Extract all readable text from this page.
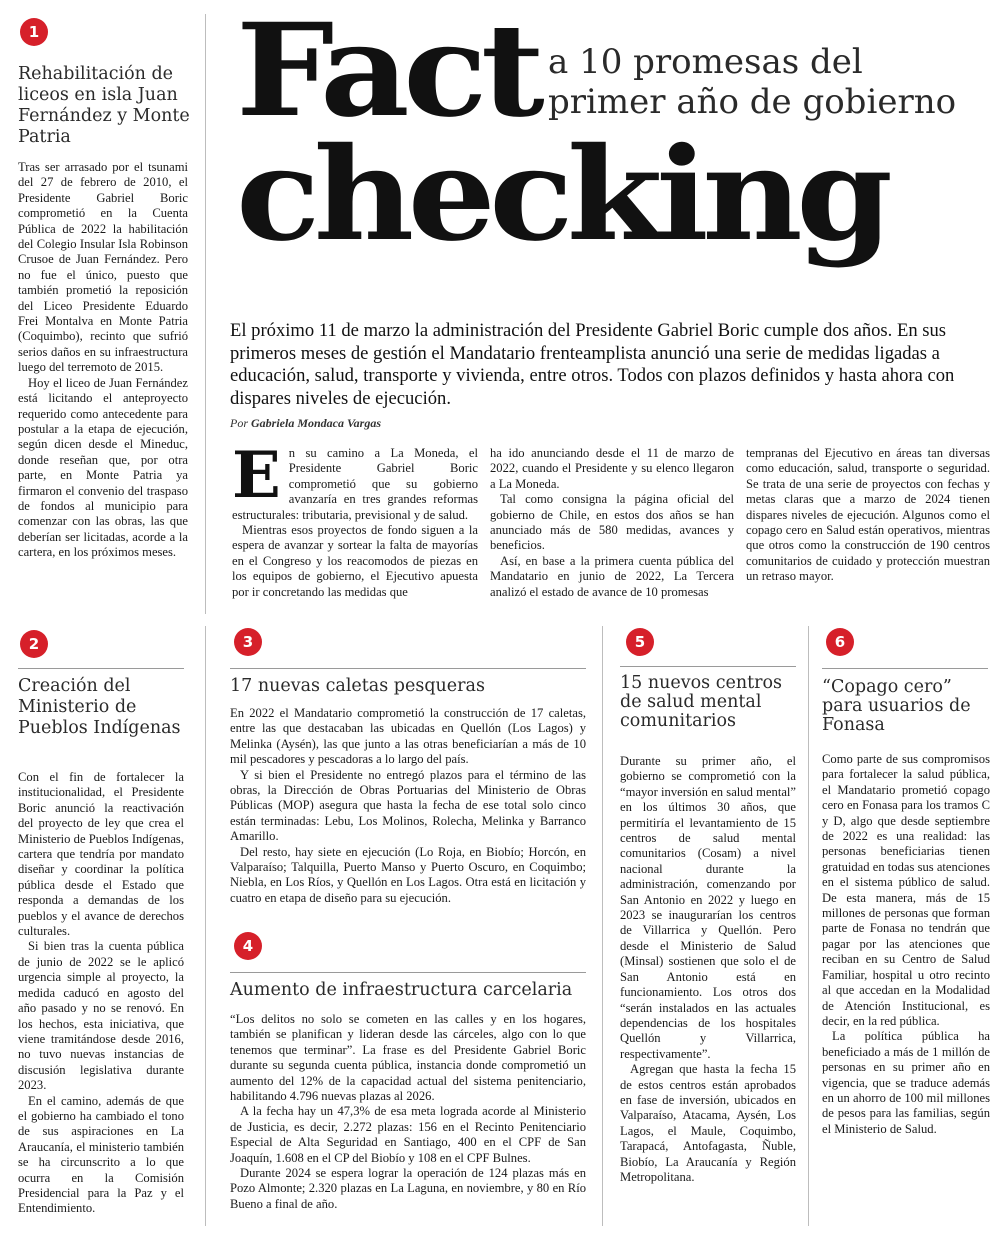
Fact
checking
a 10 promesas del
primer año de gobierno
El próximo 11 de marzo la administración del Presidente Gabriel Boric cumple dos años. En sus primeros meses de gestión el Mandatario frenteamplista anunció una serie de medidas ligadas a educación, salud, transporte y vivienda, entre otros. Todos con plazos definidos y hasta ahora con dispares niveles de ejecución.
Por Gabriela Mondaca Vargas
1
Rehabilitación de liceos en isla Juan Fernández y Monte Patria

Tras ser arrasado por el tsunami del 27 de febrero de 2010, el Presidente Gabriel Boric comprometió en la Cuenta Pública de 2022 la habilitación del Colegio Insular Isla Robinson Crusoe de Juan Fernández. Pero no fue el único, puesto que también prometió la reposición del Liceo Presidente Eduardo Frei Montalva en Monte Patria (Coquimbo), recinto que sufrió serios daños en su infraestructura luego del terremoto de 2015.

Hoy el liceo de Juan Fernández está licitando el anteproyecto requerido como antecedente para postular a la etapa de ejecución, según dicen desde el Mineduc, donde reseñan que, por otra parte, en Monte Patria ya firmaron el convenio del traspaso de fondos al municipio para comenzar con las obras, las que deberían ser licitadas, acorde a la cartera, en los próximos meses.

En su camino a La Moneda, el Presidente Gabriel Boric comprometió que su gobierno avanzaría en tres grandes reformas estructurales: tributaria, previsional y de salud.

Mientras esos proyectos de fondo siguen a la espera de avanzar y sortear la falta de mayorías en el Congreso y los reacomodos de piezas en los equipos de gobierno, el Ejecutivo apuesta por ir concretando las medidas que

ha ido anunciando desde el 11 de marzo de 2022, cuando el Presidente y su elenco llegaron a La Moneda.

Tal como consigna la página oficial del gobierno de Chile, en estos dos años se han anunciado más de 580 medidas, avances y beneficios.

Así, en base a la primera cuenta pública del Mandatario en junio de 2022, La Tercera analizó el estado de avance de 10 promesas

tempranas del Ejecutivo en áreas tan diversas como educación, salud, transporte o seguridad. Se trata de una serie de proyectos con fechas y metas claras que a marzo de 2024 tienen dispares niveles de ejecución. Algunos como el copago cero en Salud están operativos, mientras que otros como la construcción de 190 centros comunitarios de cuidado y protección muestran un retraso mayor.

2
Creación del Ministerio de Pueblos Indígenas

Con el fin de fortalecer la institucionalidad, el Presidente Boric anunció la reactivación del proyecto de ley que crea el Ministerio de Pueblos Indígenas, cartera que tendría por mandato diseñar y coordinar la política pública desde el Estado que responda a demandas de los pueblos y el avance de derechos culturales.

Si bien tras la cuenta pública de junio de 2022 se le aplicó urgencia simple al proyecto, la medida caducó en agosto del año pasado y no se renovó. En los hechos, esta iniciativa, que viene tramitándose desde 2016, no tuvo nuevas instancias de discusión legislativa durante 2023.

En el camino, además de que el gobierno ha cambiado el tono de sus aspiraciones en La Araucanía, el ministerio también se ha circunscrito a lo que ocurra en la Comisión Presidencial para la Paz y el Entendimiento.

3
17 nuevas caletas pesqueras

En 2022 el Mandatario comprometió la construcción de 17 caletas, entre las que destacaban las ubicadas en Quellón (Los Lagos) y Melinka (Aysén), las que junto a las otras beneficiarían a más de 10 mil pescadores y pescadoras a lo largo del país.

Y si bien el Presidente no entregó plazos para el término de las obras, la Dirección de Obras Portuarias del Ministerio de Obras Públicas (MOP) asegura que hasta la fecha de ese total solo cinco están terminadas: Lebu, Los Molinos, Rolecha, Melinka y Barranco Amarillo.

Del resto, hay siete en ejecución (Lo Roja, en Biobío; Horcón, en Valparaíso; Talquilla, Puerto Manso y Puerto Oscuro, en Coquimbo; Niebla, en Los Ríos, y Quellón en Los Lagos. Otra está en licitación y cuatro en etapa de diseño para su ejecución.

4
Aumento de infraestructura carcelaria

“Los delitos no solo se cometen en las calles y en los hogares, también se planifican y lideran desde las cárceles, algo con lo que tenemos que terminar”. La frase es del Presidente Gabriel Boric durante su segunda cuenta pública, instancia donde comprometió un aumento del 12% de la capacidad actual del sistema penitenciario, habilitando 4.796 nuevas plazas al 2026.

A la fecha hay un 47,3% de esa meta lograda acorde al Ministerio de Justicia, es decir, 2.272 plazas: 156 en el Recinto Penitenciario Especial de Alta Seguridad en Santiago, 400 en el CPF de San Joaquín, 1.608 en el CP del Biobío y 108 en el CPF Bulnes.

Durante 2024 se espera lograr la operación de 124 plazas más en Pozo Almonte; 2.320 plazas en La Laguna, en noviembre, y 80 en Río Bueno a final de año.

5
15 nuevos centros de salud mental comunitarios

Durante su primer año, el gobierno se comprometió con la “mayor inversión en salud mental” en los últimos 30 años, que permitiría el levantamiento de 15 centros de salud mental comunitarios (Cosam) a nivel nacional durante la administración, comenzando por San Antonio en 2022 y luego en 2023 se inaugurarían los centros de Villarrica y Quellón. Pero desde el Ministerio de Salud (Minsal) sostienen que solo el de San Antonio está en funcionamiento. Los otros dos “serán instalados en las actuales dependencias de los hospitales Quellón y Villarrica, respectivamente”.

Agregan que hasta la fecha 15 de estos centros están aprobados en fase de inversión, ubicados en Valparaíso, Atacama, Aysén, Los Lagos, el Maule, Coquimbo, Tarapacá, Antofagasta, Ñuble, Biobío, La Araucanía y Región Metropolitana.

6
“Copago cero” para usuarios de Fonasa

Como parte de sus compromisos para fortalecer la salud pública, el Mandatario prometió copago cero en Fonasa para los tramos C y D, algo que desde septiembre de 2022 es una realidad: las personas beneficiarias tienen gratuidad en todas sus atenciones en el sistema público de salud. De esta manera, más de 15 millones de personas que forman parte de Fonasa no tendrán que pagar por las atenciones que reciban en su Centro de Salud Familiar, hospital u otro recinto al que accedan en la Modalidad de Atención Institucional, es decir, en la red pública.

La política pública ha beneficiado a más de 1 millón de personas en su primer año en vigencia, que se traduce además en un ahorro de 100 mil millones de pesos para las familias, según el Ministerio de Salud.
